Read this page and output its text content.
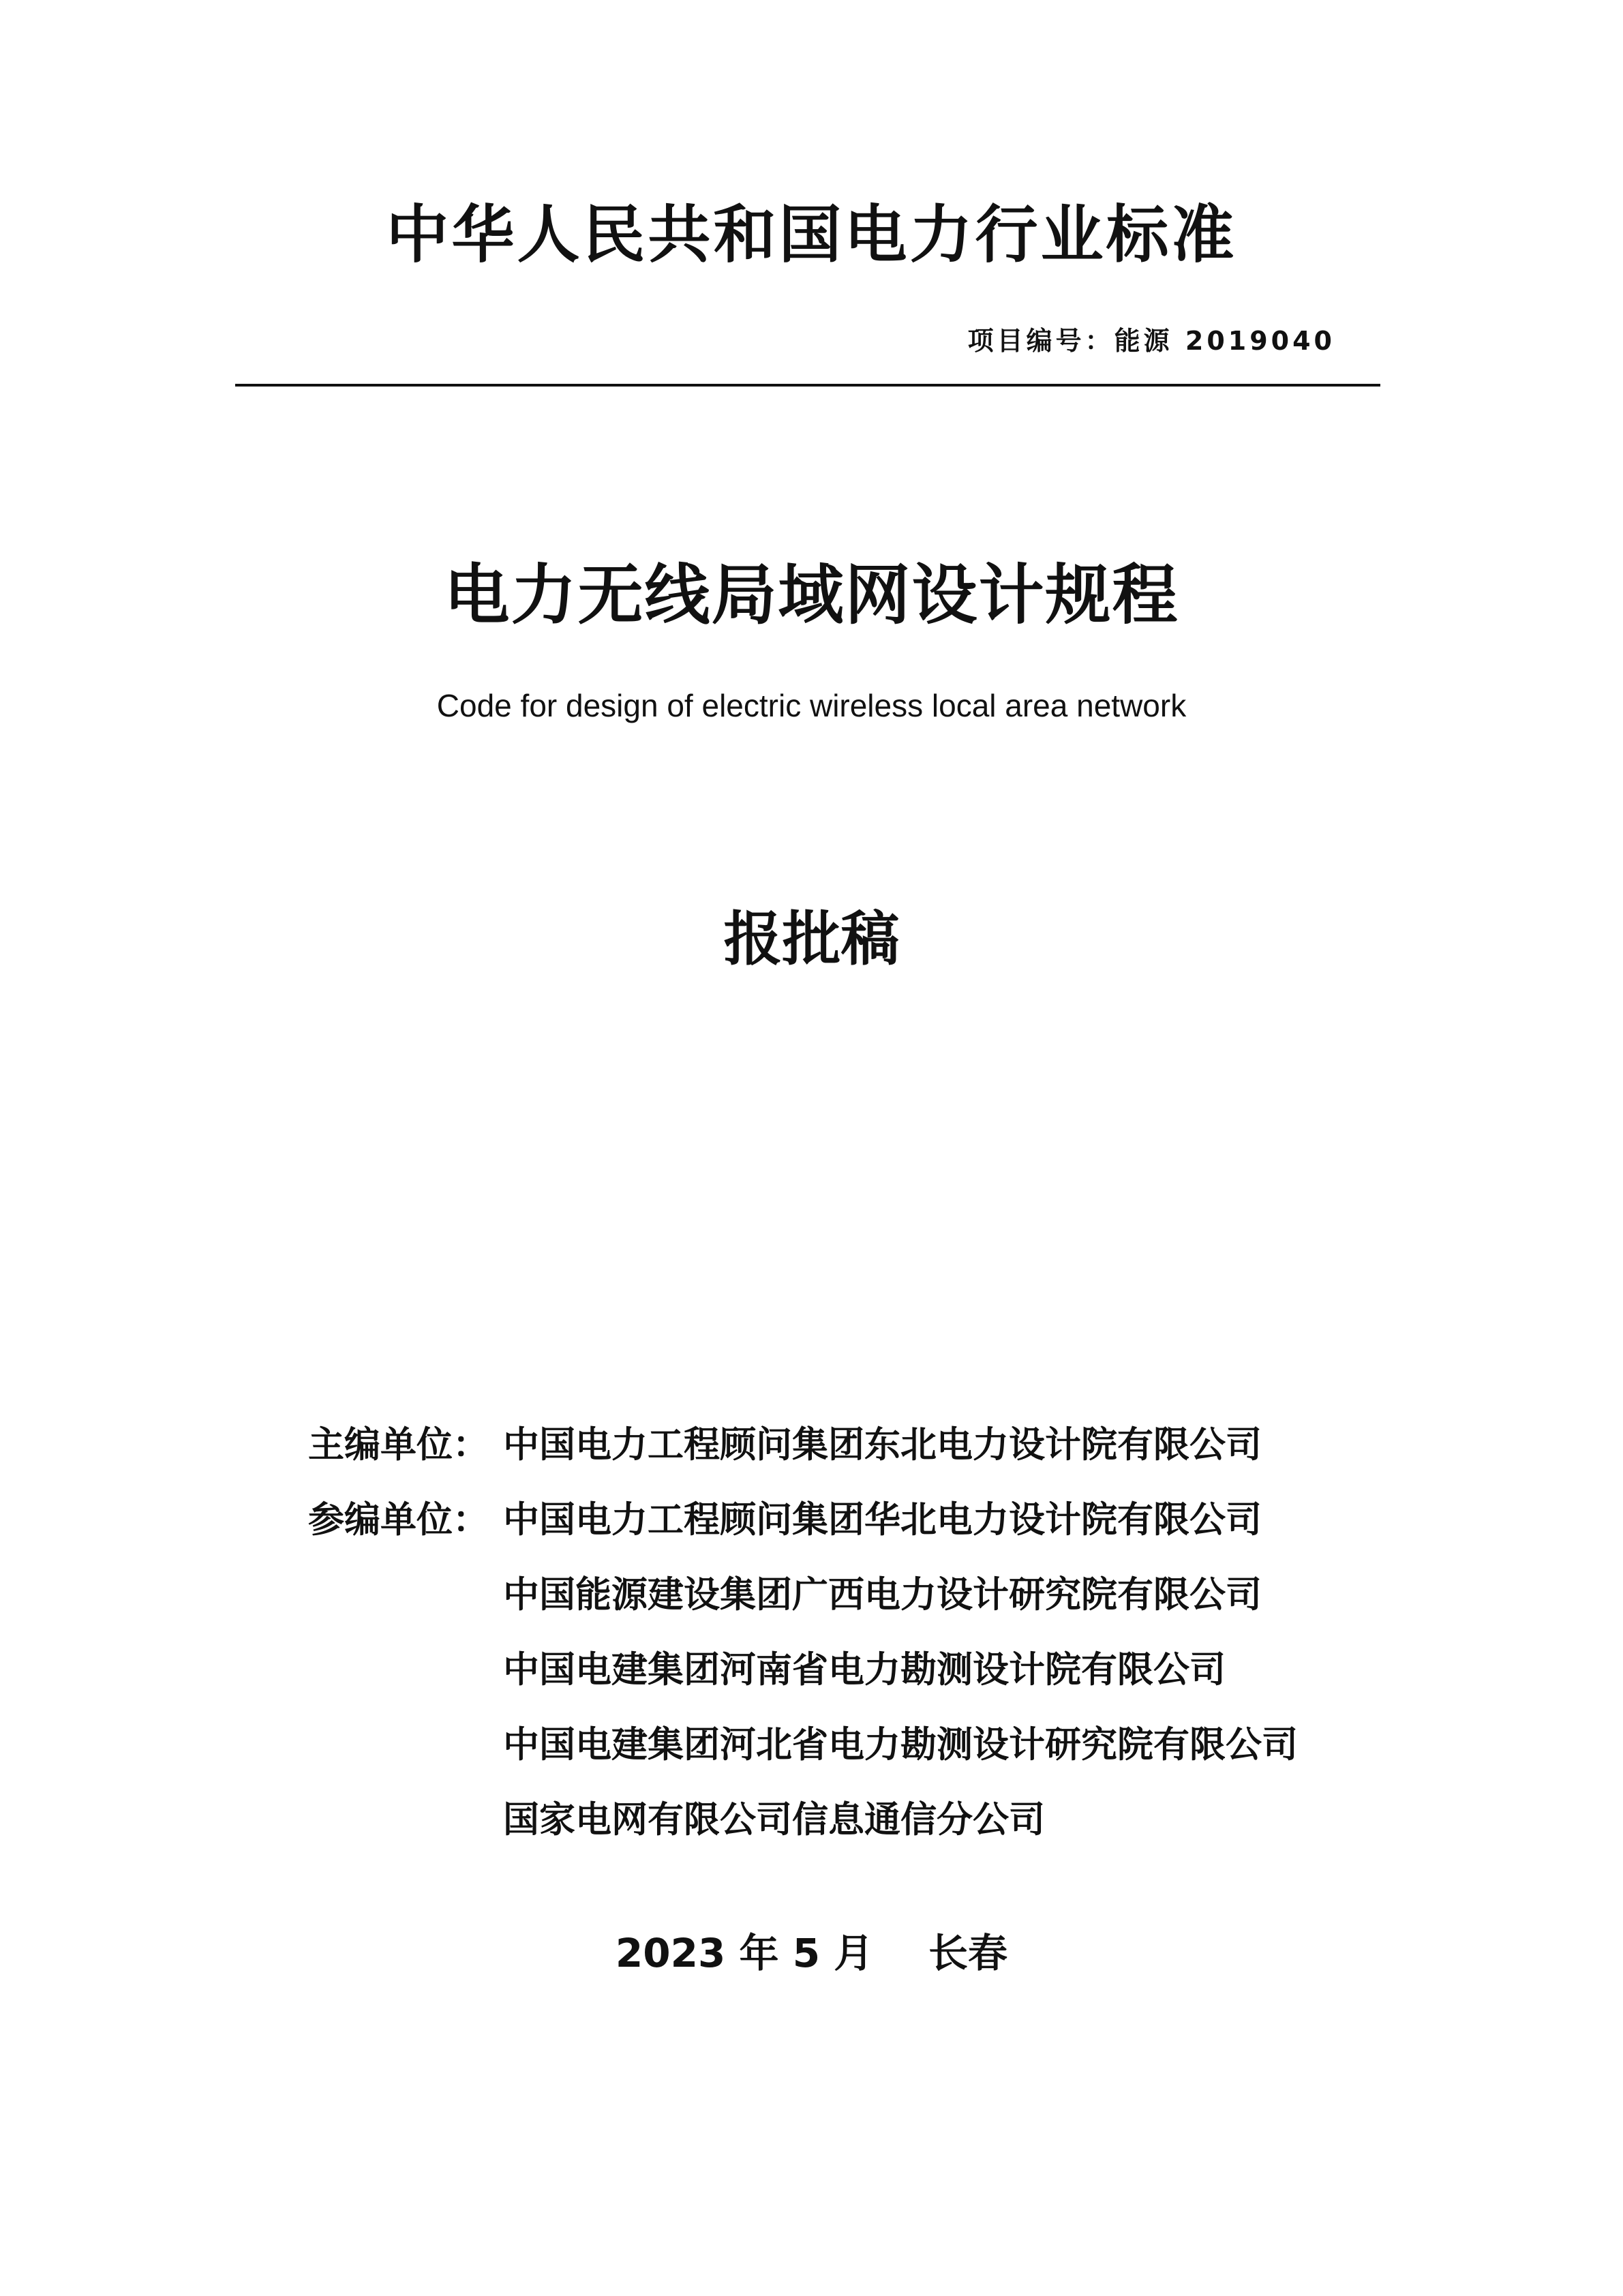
中华人民共和国电力行业标准
项目编号：能源 2019040
电力无线局域网设计规程
Code for design of electric wireless local area network
报批稿
主编单位： 中国电力工程顾问集团东北电力设计院有限公司
参编单位： 中国电力工程顾问集团华北电力设计院有限公司
中国能源建设集团广西电力设计研究院有限公司
中国电建集团河南省电力勘测设计院有限公司
中国电建集团河北省电力勘测设计研究院有限公司
国家电网有限公司信息通信分公司
2023 年 5 月    长春
